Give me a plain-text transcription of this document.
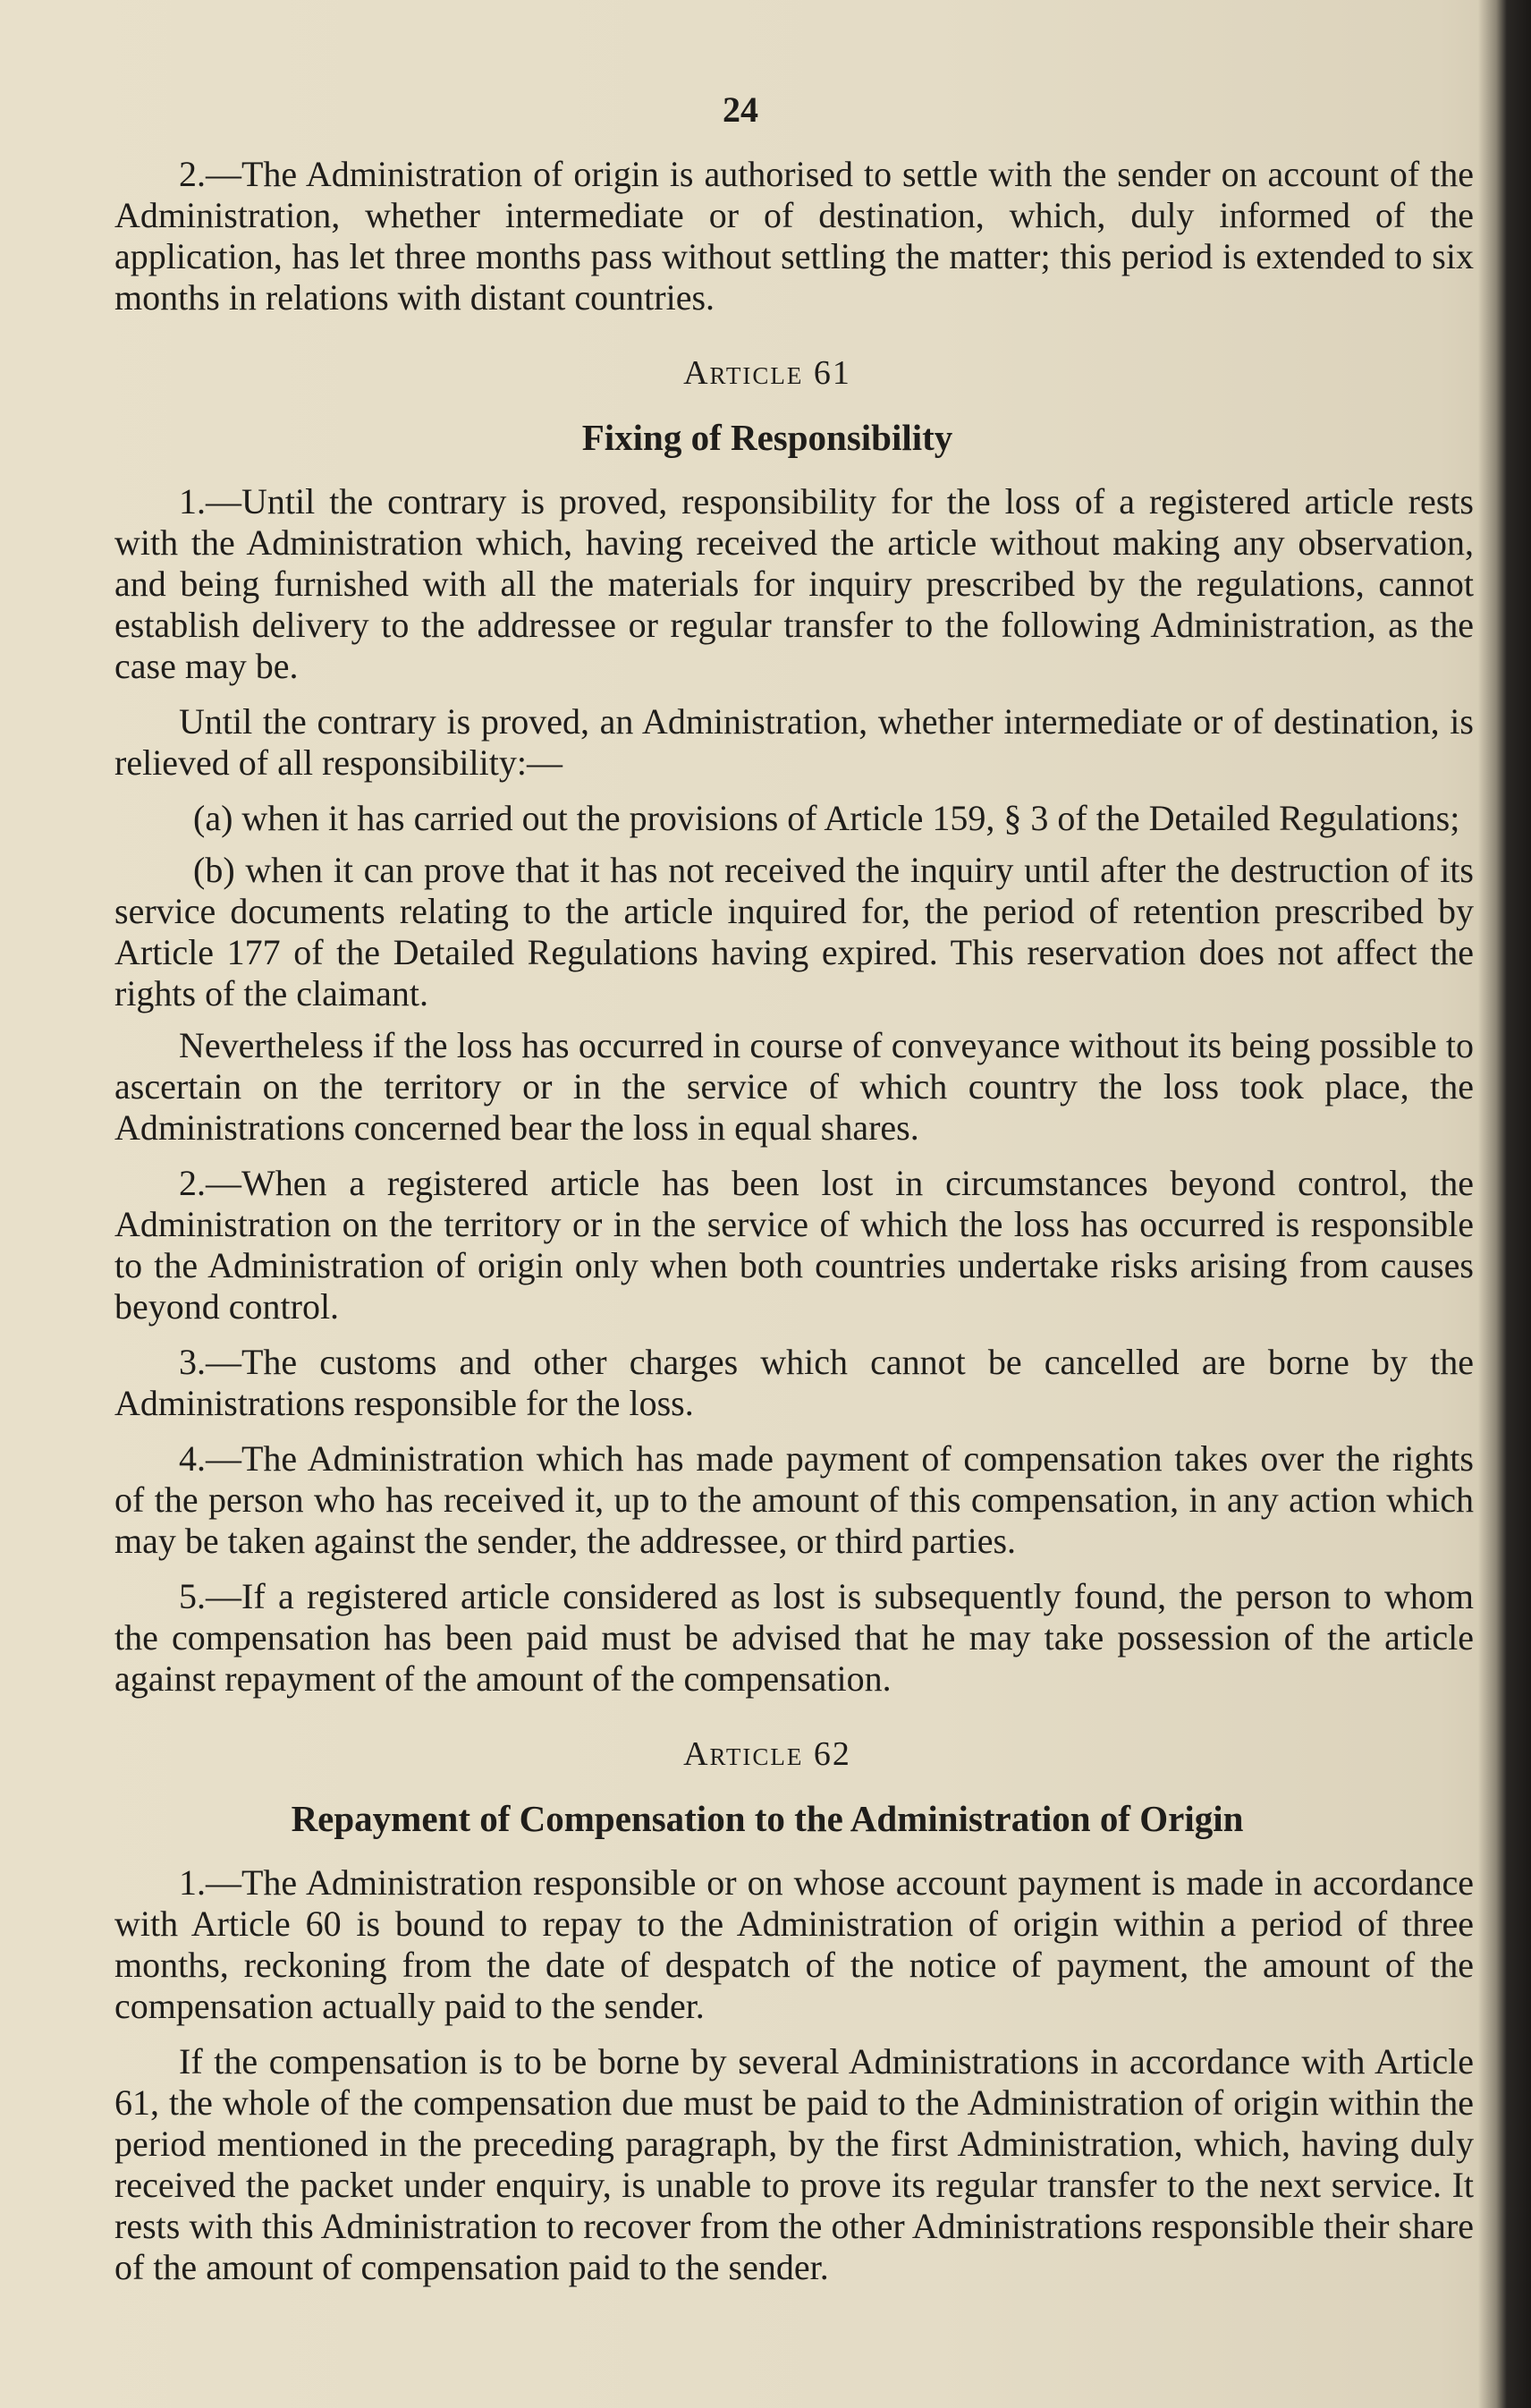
24

2.—The Administration of origin is authorised to settle with the sender on account of the Administration, whether intermediate or of destination, which, duly informed of the application, has let three months pass without settling the matter; this period is extended to six months in relations with distant countries.

Article 61
Fixing of Responsibility

1.—Until the contrary is proved, responsibility for the loss of a registered article rests with the Administration which, having received the article without making any observation, and being furnished with all the materials for inquiry prescribed by the regulations, cannot establish delivery to the addressee or regular transfer to the following Administration, as the case may be.

Until the contrary is proved, an Administration, whether intermediate or of destination, is relieved of all responsibility:—

(a) when it has carried out the provisions of Article 159, § 3 of the Detailed Regulations;

(b) when it can prove that it has not received the inquiry until after the destruction of its service documents relating to the article inquired for, the period of retention prescribed by Article 177 of the Detailed Regulations having expired. This reservation does not affect the rights of the claimant.

Nevertheless if the loss has occurred in course of conveyance without its being possible to ascertain on the territory or in the service of which country the loss took place, the Administrations concerned bear the loss in equal shares.

2.—When a registered article has been lost in circumstances beyond control, the Administration on the territory or in the service of which the loss has occurred is responsible to the Administration of origin only when both countries undertake risks arising from causes beyond control.

3.—The customs and other charges which cannot be cancelled are borne by the Administrations responsible for the loss.

4.—The Administration which has made payment of compensation takes over the rights of the person who has received it, up to the amount of this compensation, in any action which may be taken against the sender, the addressee, or third parties.

5.—If a registered article considered as lost is subsequently found, the person to whom the compensation has been paid must be advised that he may take possession of the article against repayment of the amount of the compensation.

Article 62
Repayment of Compensation to the Administration of Origin

1.—The Administration responsible or on whose account payment is made in accordance with Article 60 is bound to repay to the Administration of origin within a period of three months, reckoning from the date of despatch of the notice of payment, the amount of the compensation actually paid to the sender.

If the compensation is to be borne by several Administrations in accordance with Article 61, the whole of the compensation due must be paid to the Administration of origin within the period mentioned in the preceding paragraph, by the first Administration, which, having duly received the packet under enquiry, is unable to prove its regular transfer to the next service. It rests with this Administration to recover from the other Administrations responsible their share of the amount of compensation paid to the sender.
